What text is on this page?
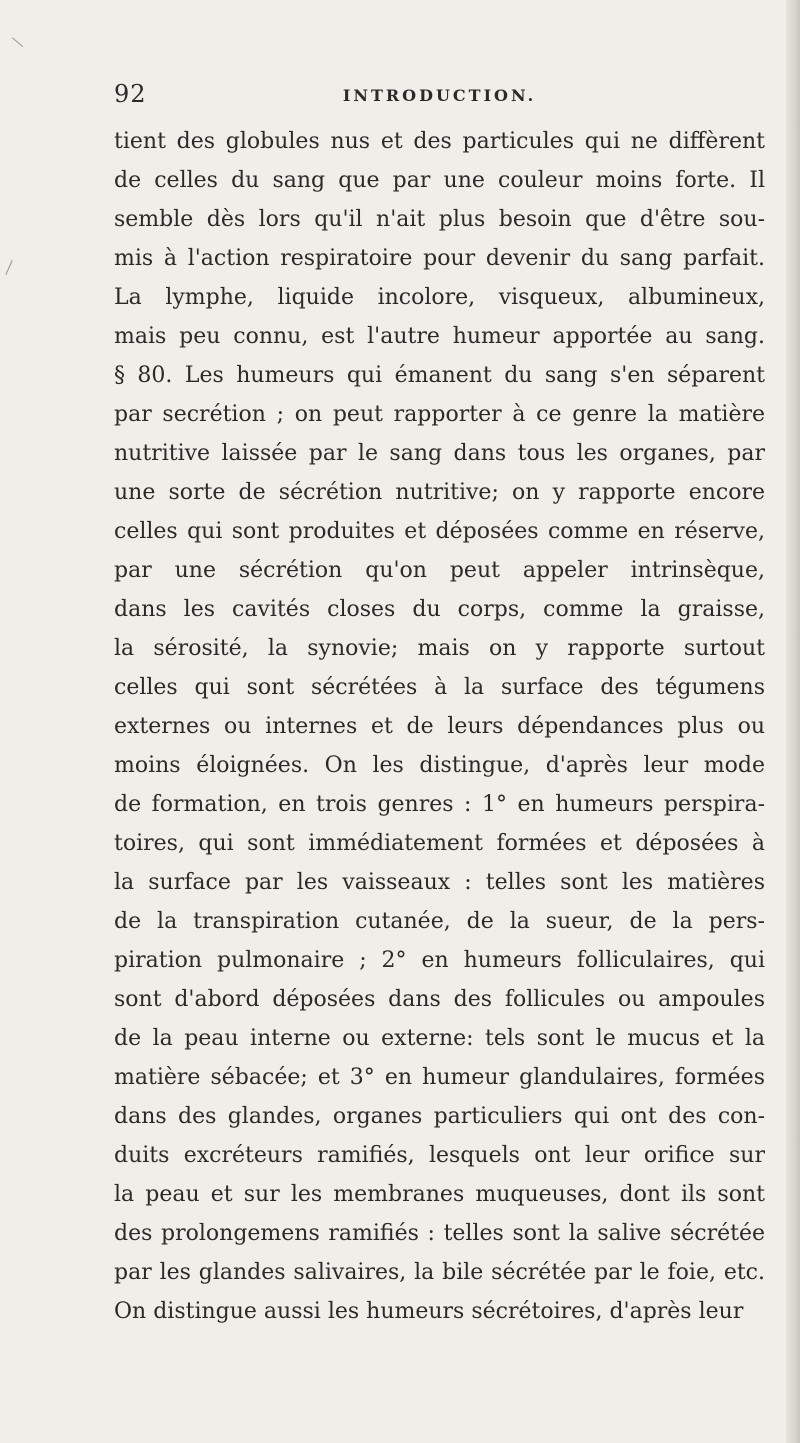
92	INTRODUCTION.
tient des globules nus et des particules qui ne diffèrent
de celles du sang que par une couleur moins forte. Il
semble dès lors qu'il n'ait plus besoin que d'être sou-
mis à l'action respiratoire pour devenir du sang parfait.
La lymphe, liquide incolore, visqueux, albumineux,
mais peu connu, est l'autre humeur apportée au sang.
§ 80. Les humeurs qui émanent du sang s'en séparent
par secrétion ; on peut rapporter à ce genre la matière
nutritive laissée par le sang dans tous les organes, par
une sorte de sécrétion nutritive; on y rapporte encore
celles qui sont produites et déposées comme en réserve,
par une sécrétion qu'on peut appeler intrinsèque,
dans les cavités closes du corps, comme la graisse,
la sérosité, la synovie; mais on y rapporte surtout
celles qui sont sécrétées à la surface des tégumens
externes ou internes et de leurs dépendances plus ou
moins éloignées. On les distingue, d'après leur mode
de formation, en trois genres : 1° en humeurs perspira-
toires, qui sont immédiatement formées et déposées à
la surface par les vaisseaux : telles sont les matières
de la transpiration cutanée, de la sueur, de la pers-
piration pulmonaire ; 2° en humeurs folliculaires, qui
sont d'abord déposées dans des follicules ou ampoules
de la peau interne ou externe: tels sont le mucus et la
matière sébacée; et 3° en humeur glandulaires, formées
dans des glandes, organes particuliers qui ont des con-
duits excréteurs ramifiés, lesquels ont leur orifice sur
la peau et sur les membranes muqueuses, dont ils sont
des prolongemens ramifiés : telles sont la salive sécrétée
par les glandes salivaires, la bile sécrétée par le foie, etc.
On distingue aussi les humeurs sécrétoires, d'après leur
